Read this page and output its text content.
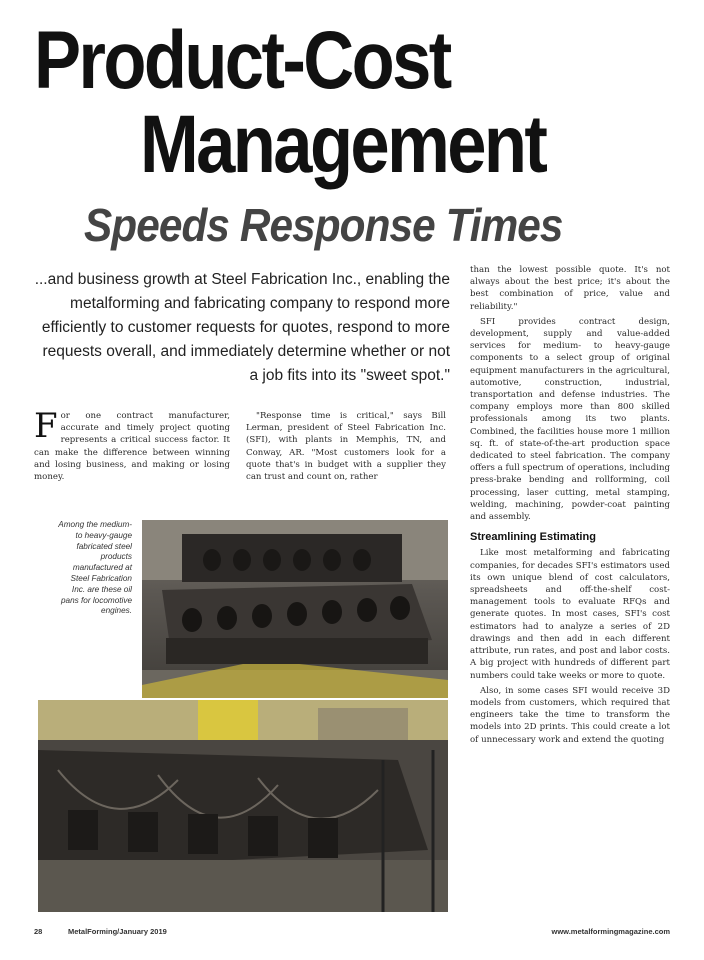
Product-Cost
Management
Speeds Response Times
...and business growth at Steel Fabrication Inc., enabling the metalforming and fabricating company to respond more efficiently to customer requests for quotes, respond to more requests overall, and immediately determine whether or not a job fits into its "sweet spot."

For one contract manufacturer, accurate and timely project quoting represents a critical success factor. It can make the difference between winning and losing business, and making or losing money.

"Response time is critical," says Bill Lerman, president of Steel Fabrication Inc. (SFI), with plants in Memphis, TN, and Conway, AR. "Most customers look for a quote that's in budget with a supplier they can trust and count on, rather

than the lowest possible quote. It's not always about the best price; it's about the best combination of price, value and reliability."

SFI provides contract design, development, supply and value-added services for medium- to heavy-gauge components to a select group of original equipment manufacturers in the agricultural, automotive, construction, industrial, transportation and defense industries. The company employs more than 800 skilled professionals among its two plants. Combined, the facilities house more 1 million sq. ft. of state-of-the-art production space dedicated to steel fabrication. The company offers a full spectrum of operations, including press-brake bending and rollforming, coil processing, laser cutting, metal stamping, welding, machining, powder-coat painting and assembly.

Streamlining Estimating

Like most metalforming and fabricating companies, for decades SFI's estimators used its own unique blend of cost calculators, spreadsheets and off-the-shelf cost-management tools to evaluate RFQs and generate quotes. In most cases, SFI's cost estimators had to analyze a series of 2D drawings and then add in each different attribute, run rates, and post and labor costs. A big project with hundreds of different part numbers could take weeks or more to quote.

Also, in some cases SFI would receive 3D models from customers, which required that engineers take the time to transform the models into 2D prints. This could create a lot of unnecessary work and extend the quoting

Among the medium- to heavy-gauge fabricated steel products manufactured at Steel Fabrication Inc. are these oil pans for locomotive engines.
28	MetalForming/January 2019	www.metalformingmagazine.com
